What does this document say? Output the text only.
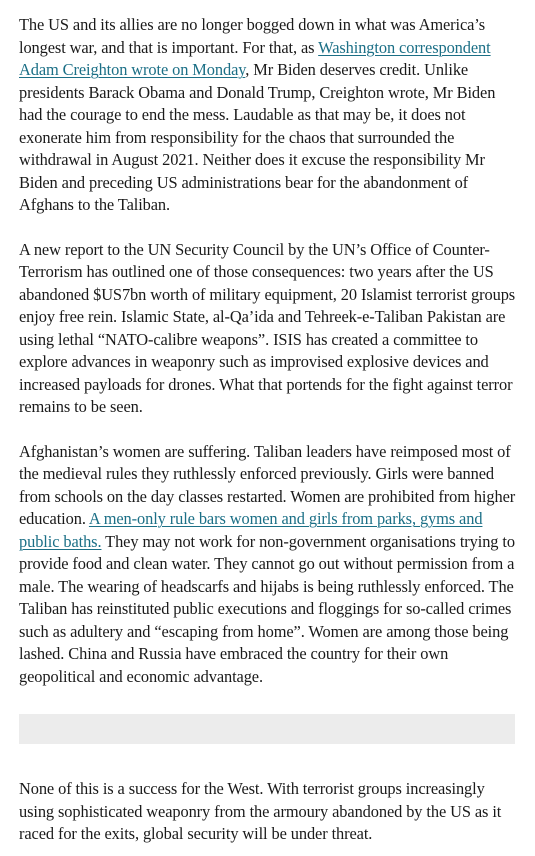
The US and its allies are no longer bogged down in what was America’s longest war, and that is important. For that, as Washington correspondent Adam Creighton wrote on Monday, Mr Biden deserves credit. Unlike presidents Barack Obama and Donald Trump, Creighton wrote, Mr Biden had the courage to end the mess. Laudable as that may be, it does not exonerate him from responsibility for the chaos that surrounded the withdrawal in August 2021. Neither does it excuse the responsibility Mr Biden and preceding US administrations bear for the abandonment of Afghans to the Taliban.

A new report to the UN Security Council by the UN’s Office of Counter-Terrorism has outlined one of those consequences: two years after the US abandoned $US7bn worth of military equipment, 20 Islamist terrorist groups enjoy free rein. Islamic State, al-Qa’ida and Tehreek-e-Taliban Pakistan are using lethal “NATO-calibre weapons”. ISIS has created a committee to explore advances in weaponry such as improvised explosive devices and increased payloads for drones. What that portends for the fight against terror remains to be seen.

Afghanistan’s women are suffering. Taliban leaders have reimposed most of the medieval rules they ruthlessly enforced previously. Girls were banned from schools on the day classes restarted. Women are prohibited from higher education. A men-only rule bars women and girls from parks, gyms and public baths. They may not work for non-government organisations trying to provide food and clean water. They cannot go out without permission from a male. The wearing of headscarfs and hijabs is being ruthlessly enforced. The Taliban has reinstituted public executions and floggings for so-called crimes such as adultery and “escaping from home”. Women are among those being lashed. China and Russia have embraced the country for their own geopolitical and economic advantage.

None of this is a success for the West. With terrorist groups increasingly using sophisticated weaponry from the armoury abandoned by the US as it raced for the exits, global security will be under threat.
